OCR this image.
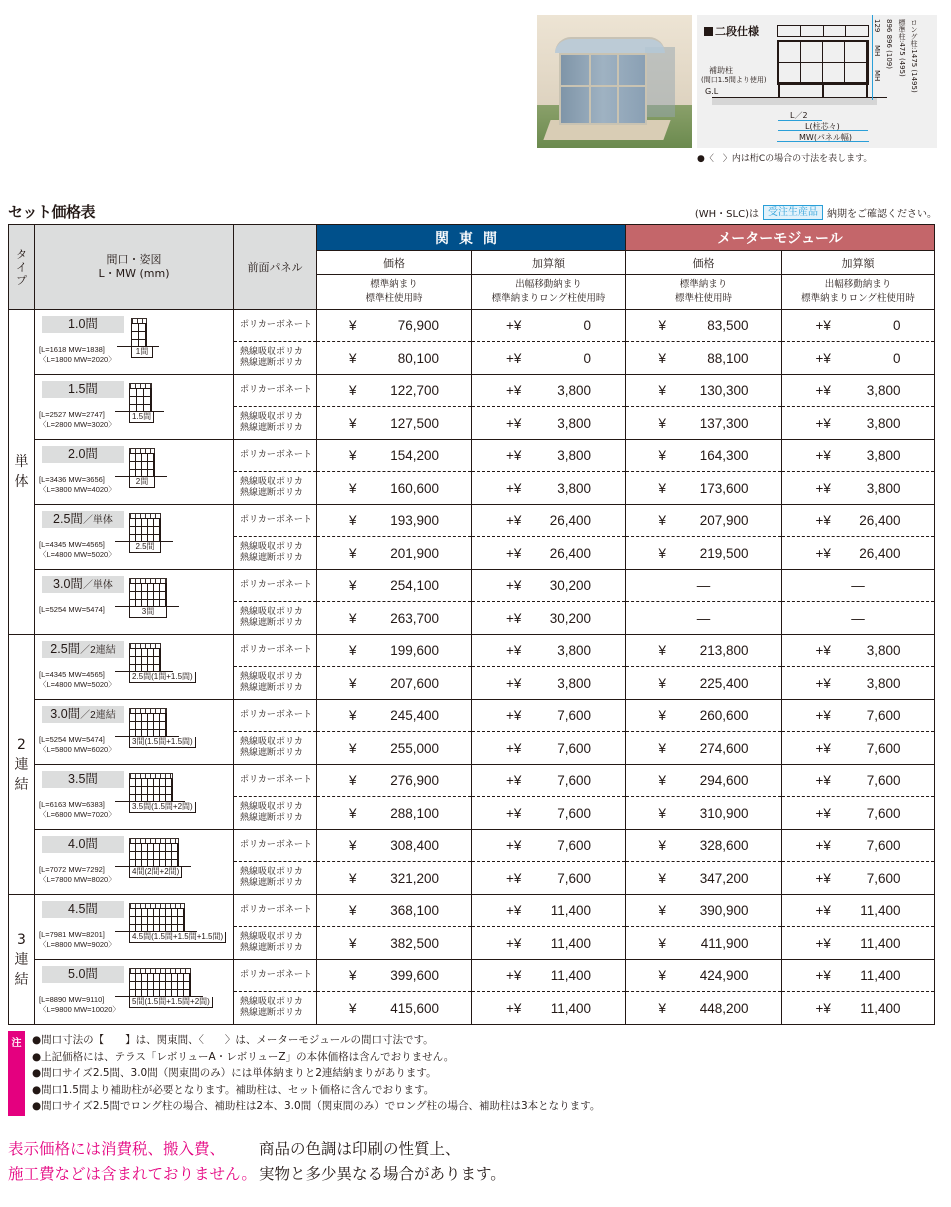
二段仕様
補助柱
(間口1.5間より使用)
G.L
L／2
L(柱芯々)
MW(パネル幅)
129
MH
MH
896 896 (109) 標準柱:475 (495) ロング柱:1475 (1495)
●〈　〉内は桁Cの場合の寸法を表します。
セット価格表	(WH・SLC)は 受注生産品 納期をご確認ください。
タ
イ
プ

間口・姿図
L・MW (mm)	前面パネル	関東間	メーターモジュール
			価格	加算額	価格	加算額

標準納まり
標準柱使用時

出幅移動納まり
標準納まりロング柱使用時

標準納まり
標準柱使用時

出幅移動納まり
標準納まりロング柱使用時

単
体

1.0間
[L=1618 MW=1838]
〈L=1800 MW=2020〉
1間
	ポリカーボネート	¥	76,900	+¥	0	¥	83,500	+¥	0

熱線吸収ポリカ
熱線遮断ポリカ	¥	80,100	+¥	0	¥	88,100	+¥	0

1.5間
[L=2527 MW=2747]
〈L=2800 MW=3020〉
1.5間
	ポリカーボネート	¥ 122,700	+¥	3,800	¥ 130,300	+¥	3,800

熱線吸収ポリカ
熱線遮断ポリカ	¥ 127,500	+¥	3,800	¥ 137,300	+¥	3,800

2.0間
[L=3436 MW=3656]
〈L=3800 MW=4020〉
2間
	ポリカーボネート	¥ 154,200	+¥	3,800	¥ 164,300	+¥	3,800

熱線吸収ポリカ
熱線遮断ポリカ	¥ 160,600	+¥	3,800	¥ 173,600	+¥	3,800

2.5間／単体
[L=4345 MW=4565]
〈L=4800 MW=5020〉
2.5間
	ポリカーボネート	¥ 193,900	+¥ 26,400	¥ 207,900	+¥ 26,400

熱線吸収ポリカ
熱線遮断ポリカ	¥ 201,900	+¥ 26,400	¥ 219,500	+¥ 26,400

3.0間／単体
[L=5254 MW=5474]	3間
	ポリカーボネート	¥ 254,100	+¥ 30,200	―	―

熱線吸収ポリカ
熱線遮断ポリカ	¥ 263,700	+¥ 30,200	―	―

2
連
結

2.5間／2連結
[L=4345 MW=4565]
〈L=4800 MW=5020〉
2.5間(1間+1.5間)
	ポリカーボネート	¥ 199,600	+¥	3,800	¥ 213,800	+¥	3,800

熱線吸収ポリカ
熱線遮断ポリカ	¥ 207,600	+¥	3,800	¥ 225,400	+¥	3,800

3.0間／2連結
[L=5254 MW=5474]
〈L=5800 MW=6020〉
3間(1.5間+1.5間)
	ポリカーボネート	¥ 245,400	+¥	7,600	¥ 260,600	+¥	7,600

熱線吸収ポリカ
熱線遮断ポリカ	¥ 255,000	+¥	7,600	¥ 274,600	+¥	7,600

3.5間
[L=6163 MW=6383]
〈L=6800 MW=7020〉
3.5間(1.5間+2間)
	ポリカーボネート	¥ 276,900	+¥	7,600	¥ 294,600	+¥	7,600

熱線吸収ポリカ
熱線遮断ポリカ	¥ 288,100	+¥	7,600	¥ 310,900	+¥	7,600

4.0間
[L=7072 MW=7292]
〈L=7800 MW=8020〉
4間(2間+2間)
	ポリカーボネート	¥ 308,400	+¥	7,600	¥ 328,600	+¥	7,600

熱線吸収ポリカ
熱線遮断ポリカ	¥ 321,200	+¥	7,600	¥ 347,200	+¥	7,600

3
連
結

4.5間
[L=7981 MW=8201]
〈L=8800 MW=9020〉
4.5間(1.5間+1.5間+1.5間)
	ポリカーボネート	¥ 368,100	+¥ 11,400	¥ 390,900	+¥ 11,400

熱線吸収ポリカ
熱線遮断ポリカ	¥ 382,500	+¥ 11,400	¥	411,900	+¥ 11,400

5.0間
[L=8890 MW=9110]
〈L=9800 MW=10020〉
5間(1.5間+1.5間+2間)
	ポリカーボネート	¥ 399,600	+¥ 11,400	¥ 424,900	+¥ 11,400

熱線吸収ポリカ
熱線遮断ポリカ	¥ 415,600	+¥ 11,400	¥ 448,200	+¥ 11,400
注	● 間口寸法の【　　】は、関東間、〈　　〉は、メーターモジュールの間口寸法です。
● 上記価格には、テラス「レボリューA・レボリューZ」の本体価格は含んでおりません。
● 間口サイズ2.5間、3.0間（関東間のみ）には単体納まりと2連結納まりがあります。
● 間口1.5間より補助柱が必要となります。補助柱は、セット価格に含んでおります。
● 間口サイズ2.5間でロング柱の場合、補助柱は2本、3.0間（関東間のみ）でロング柱の場合、補助柱は3本となります。
表示価格には消費税、搬入費、
施工費などは含まれておりません。
商品の色調は印刷の性質上、
実物と多少異なる場合があります。
